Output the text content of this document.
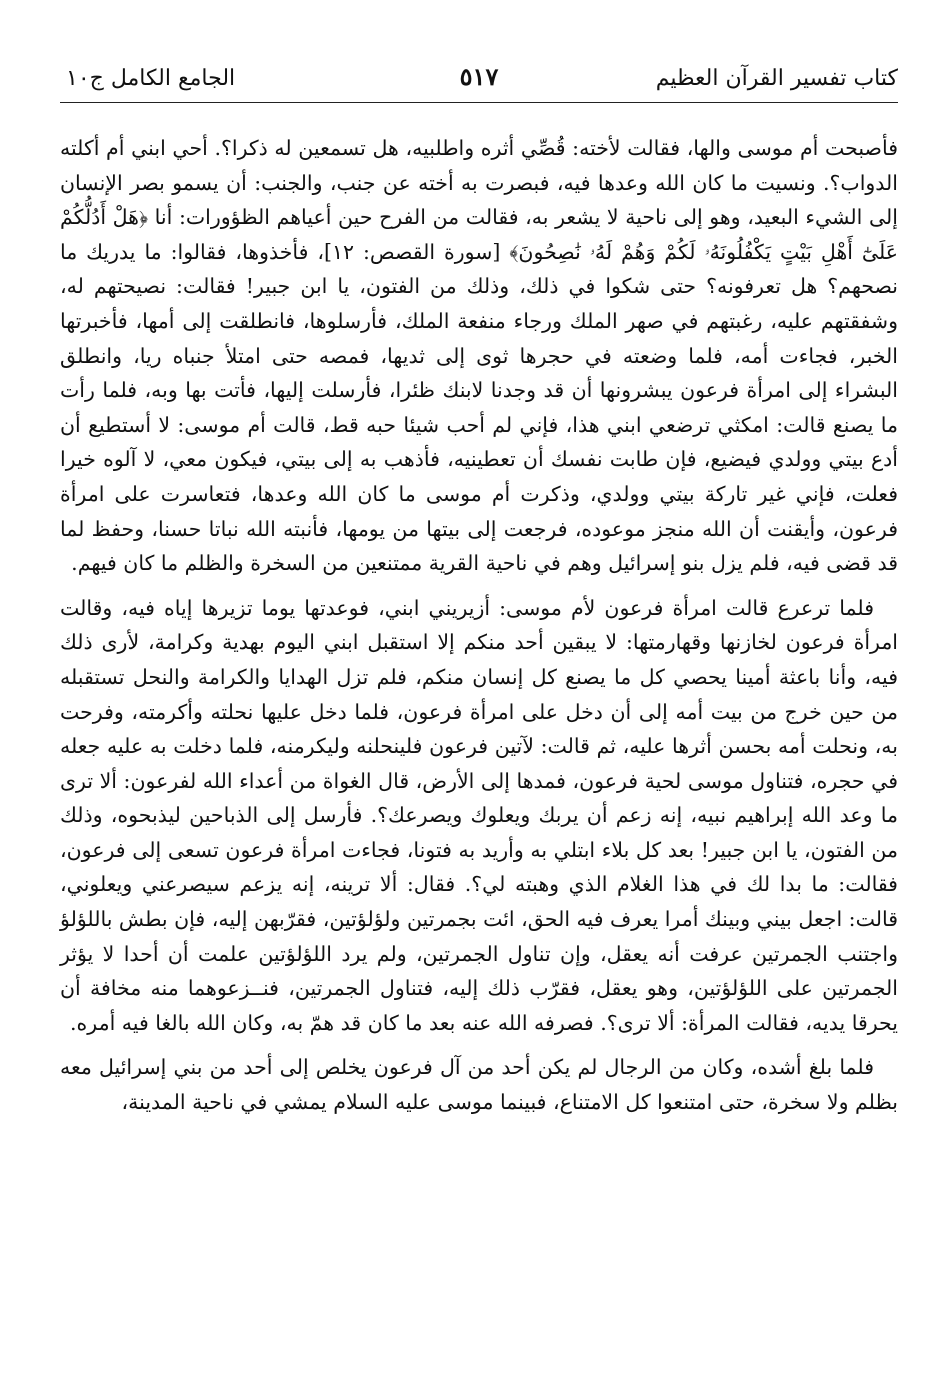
كتاب تفسير القرآن العظيم
٥١٧
الجامع الكامل ج١٠

فأصبحت أم موسى والها، فقالت لأخته: قُصِّي أثره واطلبيه، هل تسمعين له ذكرا؟. أحي ابني أم أكلته الدواب؟. ونسيت ما كان الله وعدها فيه، فبصرت به أخته عن جنب، والجنب: أن يسمو بصر الإنسان إلى الشيء البعيد، وهو إلى ناحية لا يشعر به، فقالت من الفرح حين أعياهم الظؤورات: أنا ﴿هَلْ أَدُلُّكُمْ عَلَىٰٓ أَهْلِ بَيْتٍ يَكْفُلُونَهُۥ لَكُمْ وَهُمْ لَهُۥ نَٰصِحُونَ﴾ [سورة القصص: ١٢]، فأخذوها، فقالوا: ما يدريك ما نصحهم؟ هل تعرفونه؟ حتى شكوا في ذلك، وذلك من الفتون، يا ابن جبير! فقالت: نصيحتهم له، وشفقتهم عليه، رغبتهم في صهر الملك ورجاء منفعة الملك، فأرسلوها، فانطلقت إلى أمها، فأخبرتها الخبر، فجاءت أمه، فلما وضعته في حجرها ثوى إلى ثديها، فمصه حتى امتلأ جنباه ريا، وانطلق البشراء إلى امرأة فرعون يبشرونها أن قد وجدنا لابنك ظئرا، فأرسلت إليها، فأتت بها وبه، فلما رأت ما يصنع قالت: امكثي ترضعي ابني هذا، فإني لم أحب شيئا حبه قط، قالت أم موسى: لا أستطيع أن أدع بيتي وولدي فيضيع، فإن طابت نفسك أن تعطينيه، فأذهب به إلى بيتي، فيكون معي، لا آلوه خيرا فعلت، فإني غير تاركة بيتي وولدي، وذكرت أم موسى ما كان الله وعدها، فتعاسرت على امرأة فرعون، وأيقنت أن الله منجز موعوده، فرجعت إلى بيتها من يومها، فأنبته الله نباتا حسنا، وحفظ لما قد قضى فيه، فلم يزل بنو إسرائيل وهم في ناحية القرية ممتنعين من السخرة والظلم ما كان فيهم.

فلما ترعرع قالت امرأة فرعون لأم موسى: أزيريني ابني، فوعدتها يوما تزيرها إياه فيه، وقالت امرأة فرعون لخازنها وقهارمتها: لا يبقين أحد منكم إلا استقبل ابني اليوم بهدية وكرامة، لأرى ذلك فيه، وأنا باعثة أمينا يحصي كل ما يصنع كل إنسان منكم، فلم تزل الهدايا والكرامة والنحل تستقبله من حين خرج من بيت أمه إلى أن دخل على امرأة فرعون، فلما دخل عليها نحلته وأكرمته، وفرحت به، ونحلت أمه بحسن أثرها عليه، ثم قالت: لآتين فرعون فلينحلنه وليكرمنه، فلما دخلت به عليه جعله في حجره، فتناول موسى لحية فرعون، فمدها إلى الأرض، قال الغواة من أعداء الله لفرعون: ألا ترى ما وعد الله إبراهيم نبيه، إنه زعم أن يربك ويعلوك ويصرعك؟. فأرسل إلى الذباحين ليذبحوه، وذلك من الفتون، يا ابن جبير! بعد كل بلاء ابتلي به وأريد به فتونا، فجاءت امرأة فرعون تسعى إلى فرعون، فقالت: ما بدا لك في هذا الغلام الذي وهبته لي؟. فقال: ألا ترينه، إنه يزعم سيصرعني ويعلوني، قالت: اجعل بيني وبينك أمرا يعرف فيه الحق، ائت بجمرتين ولؤلؤتين، فقرّبهن إليه، فإن بطش باللؤلؤ واجتنب الجمرتين عرفت أنه يعقل، وإن تناول الجمرتين، ولم يرد اللؤلؤتين علمت أن أحدا لا يؤثر الجمرتين على اللؤلؤتين، وهو يعقل، فقرّب ذلك إليه، فتناول الجمرتين، فنــزعوهما منه مخافة أن يحرقا يديه، فقالت المرأة: ألا ترى؟. فصرفه الله عنه بعد ما كان قد همّ به، وكان الله بالغا فيه أمره.

فلما بلغ أشده، وكان من الرجال لم يكن أحد من آل فرعون يخلص إلى أحد من بني إسرائيل معه بظلم ولا سخرة، حتى امتنعوا كل الامتناع، فبينما موسى عليه السلام يمشي في ناحية المدينة،
